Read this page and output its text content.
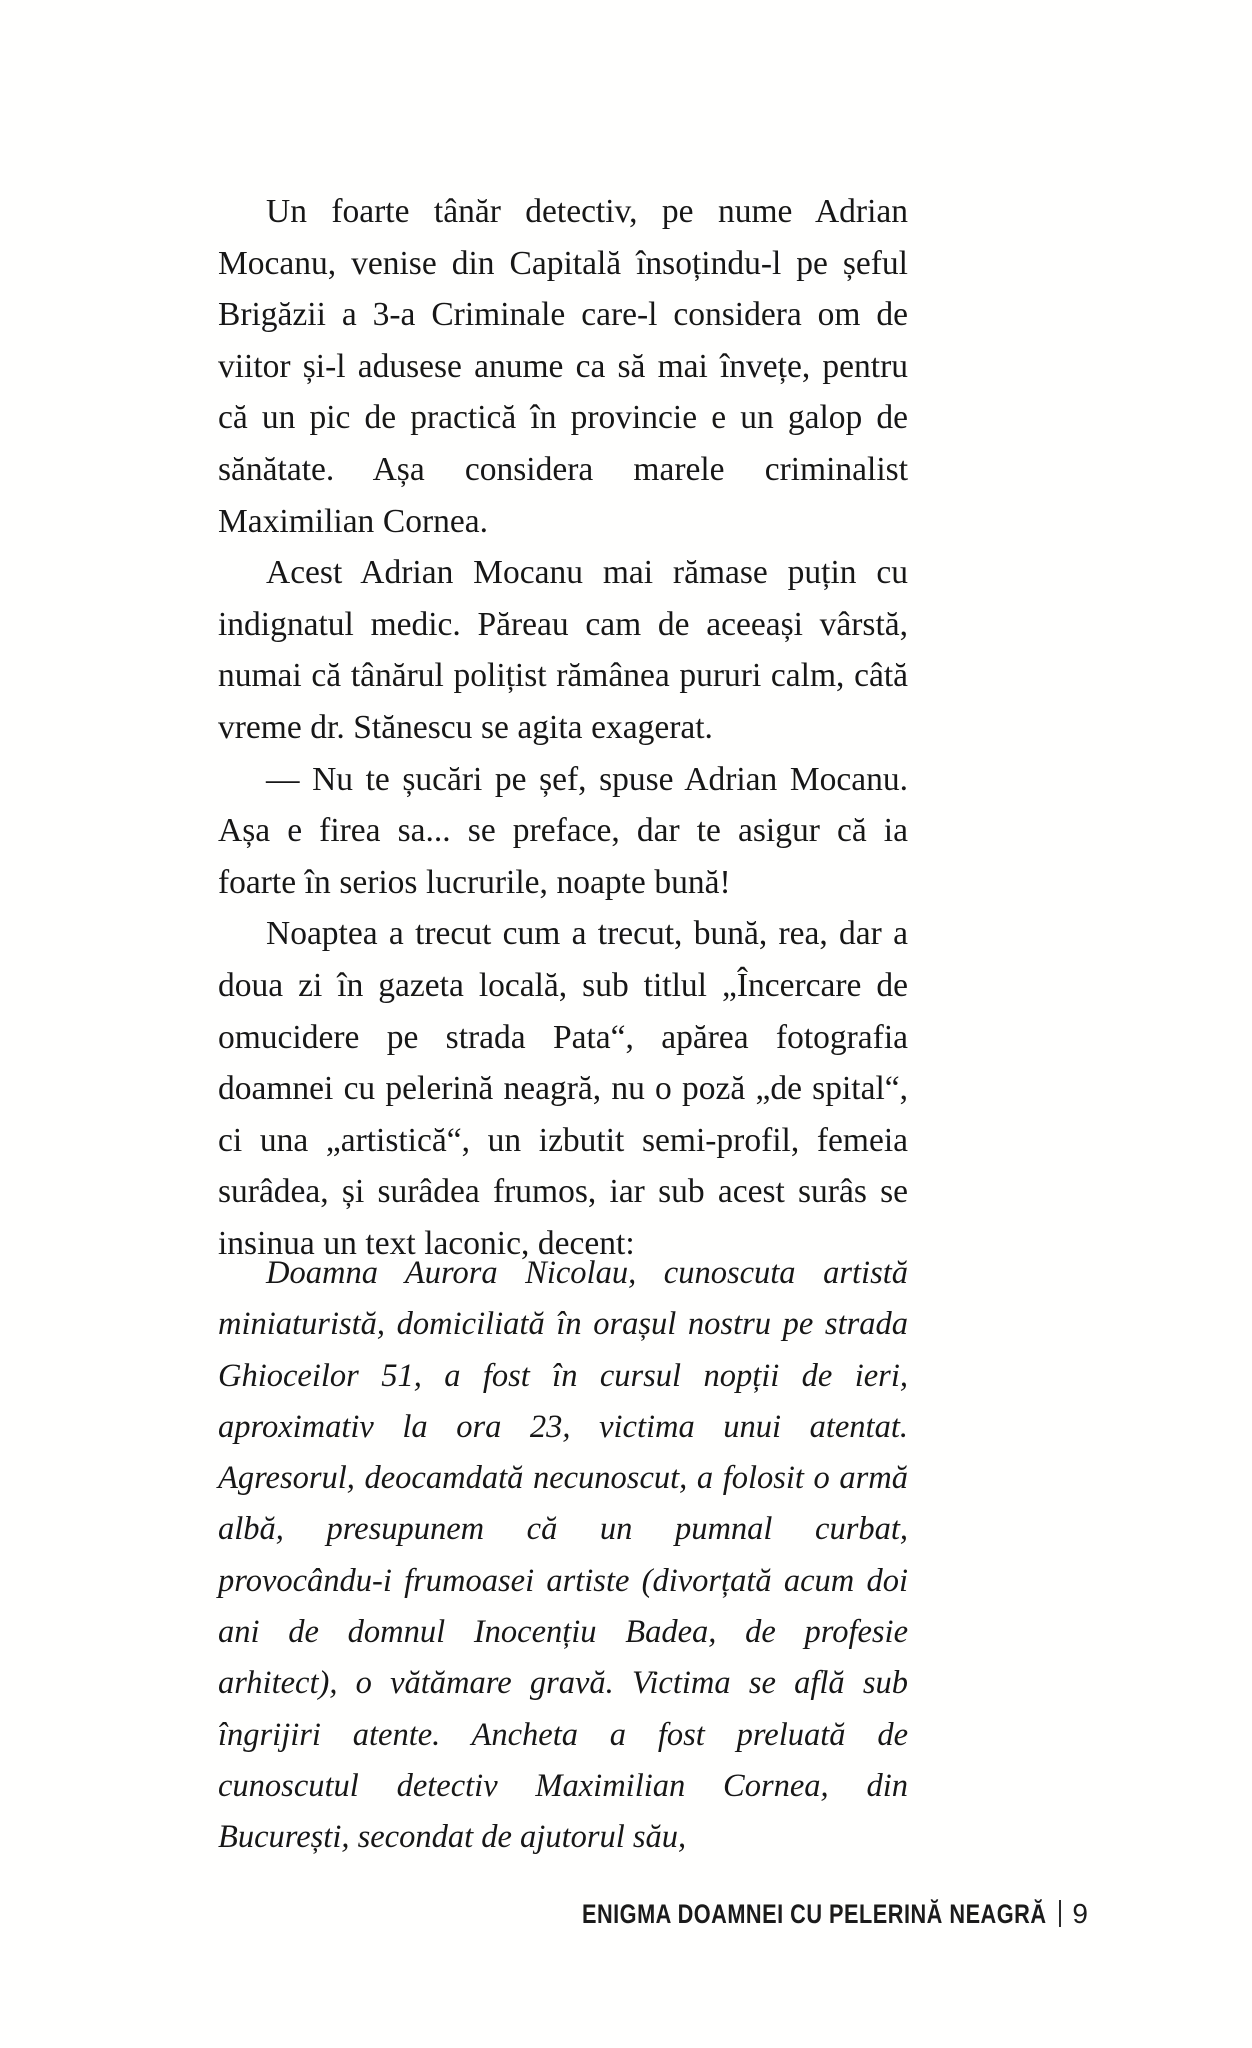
Un foarte tânăr detectiv, pe nume Adrian Mocanu, venise din Capitală însoțindu-l pe șeful Brigăzii a 3-a Criminale care-l considera om de viitor și-l adusese anume ca să mai învețe, pentru că un pic de practică în provincie e un galop de sănătate. Așa considera marele criminalist Maximilian Cornea.

Acest Adrian Mocanu mai rămase puțin cu indignatul medic. Păreau cam de aceeași vârstă, numai că tânărul polițist rămânea pururi calm, câtă vreme dr. Stănescu se agita exagerat.

— Nu te șucări pe șef, spuse Adrian Mocanu. Așa e firea sa... se preface, dar te asigur că ia foarte în serios lucrurile, noapte bună!

Noaptea a trecut cum a trecut, bună, rea, dar a doua zi în gazeta locală, sub titlul „Încercare de omucidere pe strada Pata“, apărea fotografia doamnei cu pelerină neagră, nu o poză „de spital“, ci una „artistică“, un izbutit semi-profil, femeia surâdea, și surâdea frumos, iar sub acest surâs se insinua un text laconic, decent:

Doamna Aurora Nicolau, cunoscuta artistă miniaturistă, domiciliată în orașul nostru pe strada Ghioceilor 51, a fost în cursul nopții de ieri, aproximativ la ora 23, victima unui atentat. Agresorul, deocamdată necunoscut, a folosit o armă albă, presupunem că un pumnal curbat, provocându-i frumoasei artiste (divorțată acum doi ani de domnul Inocențiu Badea, de profesie arhitect), o vătămare gravă. Victima se află sub îngrijiri atente. Ancheta a fost preluată de cunoscutul detectiv Maximilian Cornea, din București, secondat de ajutorul său,

ENIGMA DOAMNEI CU PELERINĂ NEAGRĂ 9
